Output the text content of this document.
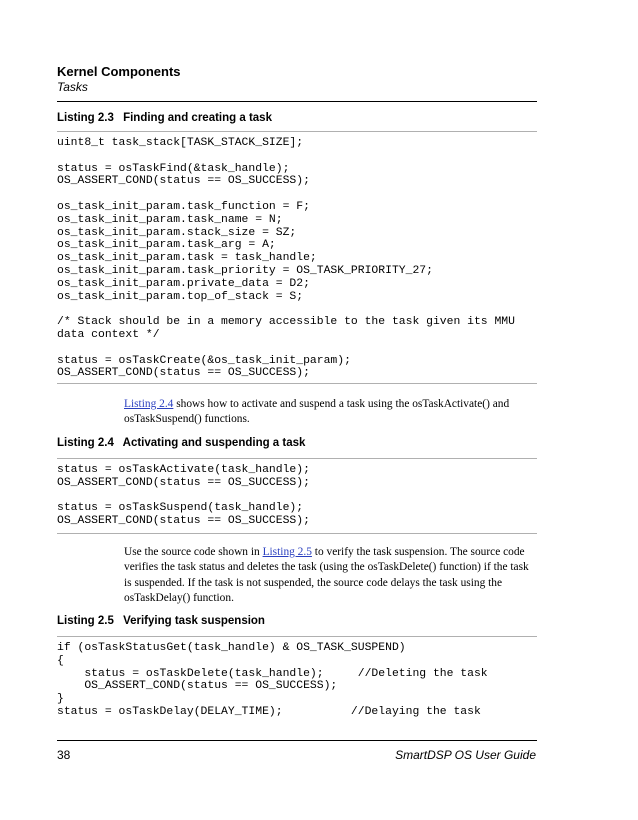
Kernel Components
Tasks
Listing 2.3 Finding and creating a task
uint8_t task_stack[TASK_STACK_SIZE];
status = osTaskFind(&task_handle);
OS_ASSERT_COND(status == OS_SUCCESS);
os_task_init_param.task_function = F;
os_task_init_param.task_name = N;
os_task_init_param.stack_size = SZ;
os_task_init_param.task_arg = A;
os_task_init_param.task = task_handle;
os_task_init_param.task_priority = OS_TASK_PRIORITY_27;
os_task_init_param.private_data = D2;
os_task_init_param.top_of_stack = S;
/* Stack should be in a memory accessible to the task given its MMU
data context */
status = osTaskCreate(&os_task_init_param);
OS_ASSERT_COND(status == OS_SUCCESS);
Listing 2.4 shows how to activate and suspend a task using the osTaskActivate() and
osTaskSuspend() functions.
Listing 2.4 Activating and suspending a task
status = osTaskActivate(task_handle);
OS_ASSERT_COND(status == OS_SUCCESS);
status = osTaskSuspend(task_handle);
OS_ASSERT_COND(status == OS_SUCCESS);
Use the source code shown in Listing 2.5 to verify the task suspension. The source code
verifies the task status and deletes the task (using the osTaskDelete() function) if the task
is suspended. If the task is not suspended, the source code delays the task using the
osTaskDelay() function.
Listing 2.5 Verifying task suspension
if (osTaskStatusGet(task_handle) & OS_TASK_SUSPEND)
{
status = osTaskDelete(task_handle);     //Deleting the task
OS_ASSERT_COND(status == OS_SUCCESS);
}
status = osTaskDelay(DELAY_TIME);          //Delaying the task
38	SmartDSP OS User Guide
